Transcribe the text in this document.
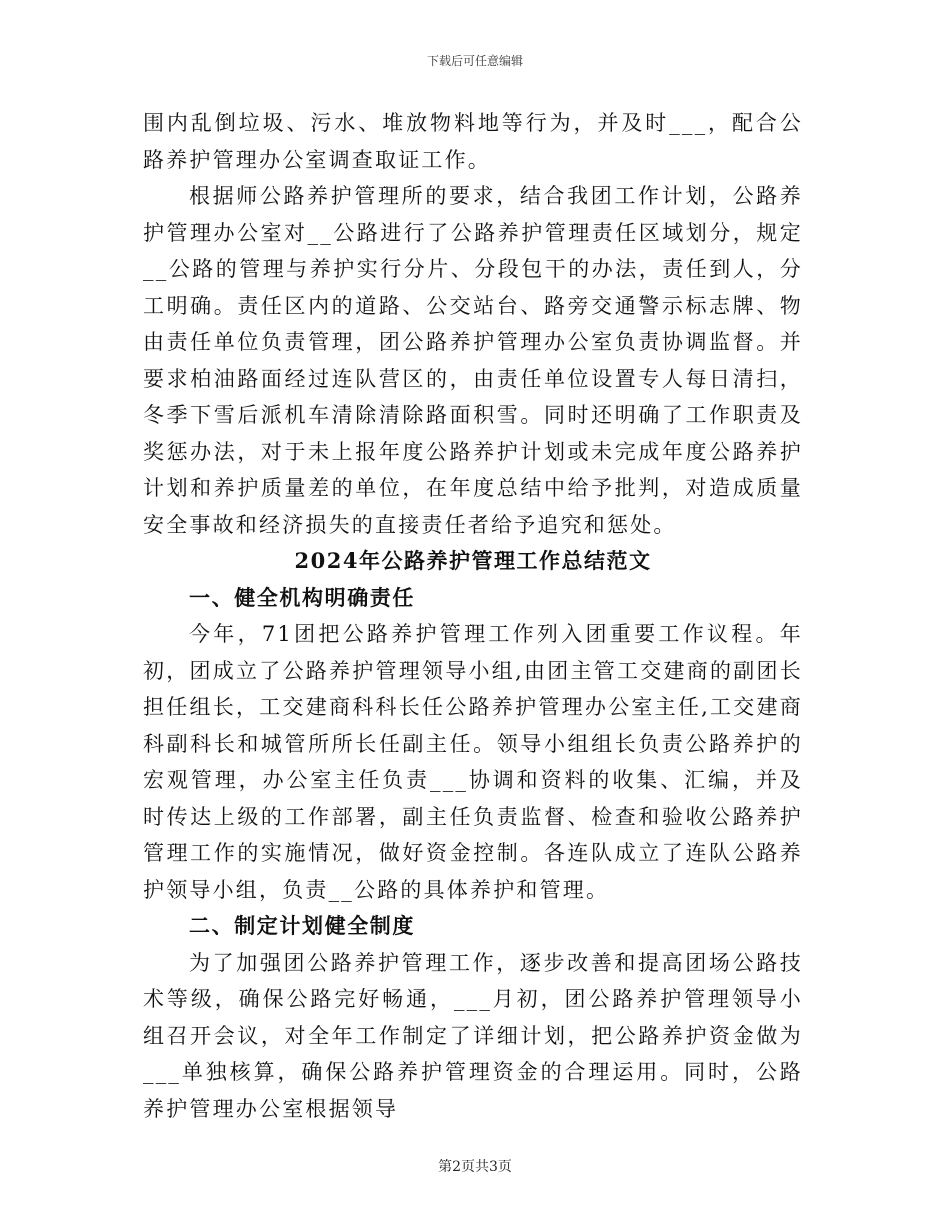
下载后可任意编辑

围内乱倒垃圾、污水、堆放物料地等行为，并及时___，配合公路养护管理办公室调查取证工作。

根据师公路养护管理所的要求，结合我团工作计划，公路养护管理办公室对__公路进行了公路养护管理责任区域划分，规定__公路的管理与养护实行分片、分段包干的办法，责任到人，分工明确。责任区内的道路、公交站台、路旁交通警示标志牌、物由责任单位负责管理，团公路养护管理办公室负责协调监督。并要求柏油路面经过连队营区的，由责任单位设置专人每日清扫，冬季下雪后派机车清除清除路面积雪。同时还明确了工作职责及奖惩办法，对于未上报年度公路养护计划或未完成年度公路养护计划和养护质量差的单位，在年度总结中给予批判，对造成质量安全事故和经济损失的直接责任者给予追究和惩处。

2024年公路养护管理工作总结范文

一、健全机构明确责任

今年，71团把公路养护管理工作列入团重要工作议程。年初，团成立了公路养护管理领导小组,由团主管工交建商的副团长担任组长，工交建商科科长任公路养护管理办公室主任,工交建商科副科长和城管所所长任副主任。领导小组组长负责公路养护的宏观管理，办公室主任负责___协调和资料的收集、汇编，并及时传达上级的工作部署，副主任负责监督、检查和验收公路养护管理工作的实施情况，做好资金控制。各连队成立了连队公路养护领导小组，负责__公路的具体养护和管理。

二、制定计划健全制度

为了加强团公路养护管理工作，逐步改善和提高团场公路技术等级，确保公路完好畅通，___月初，团公路养护管理领导小组召开会议，对全年工作制定了详细计划，把公路养护资金做为___单独核算，确保公路养护管理资金的合理运用。同时，公路养护管理办公室根据领导

第2页共3页
